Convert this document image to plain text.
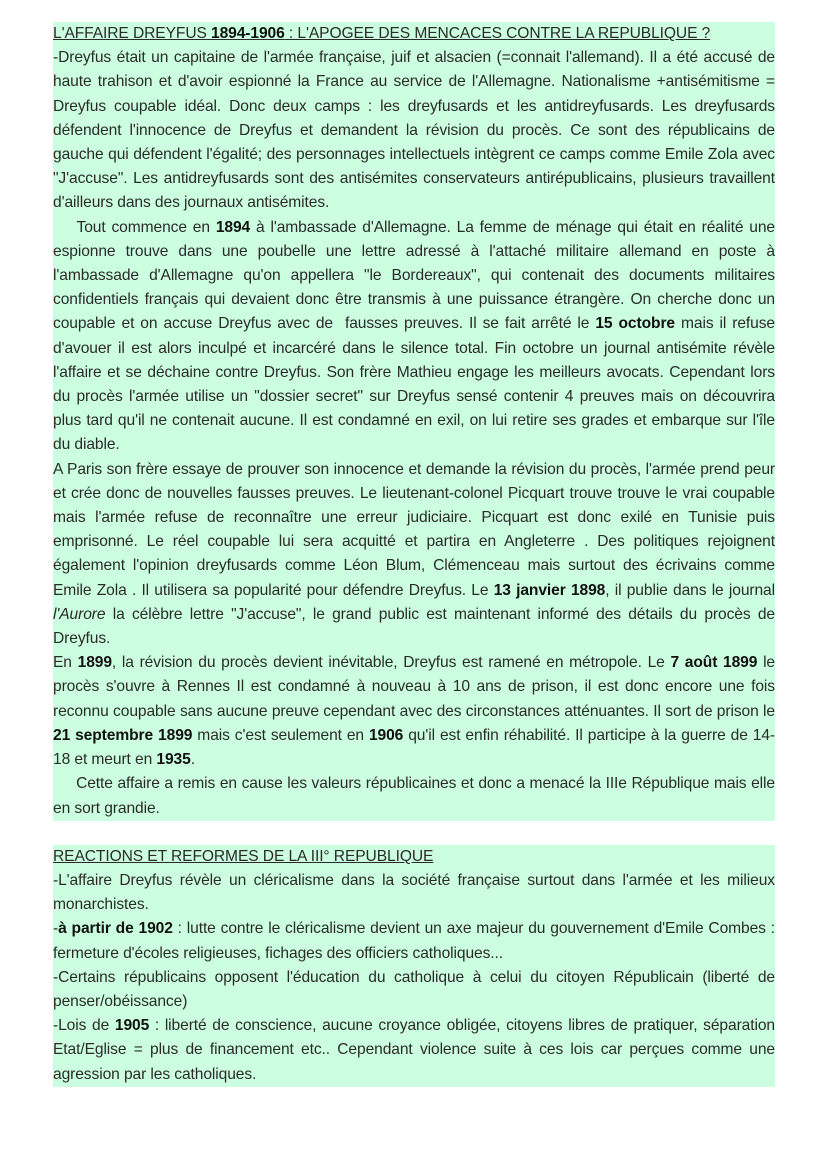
L'AFFAIRE DREYFUS 1894-1906 : L'APOGEE DES MENCACES CONTRE LA REPUBLIQUE ?
-Dreyfus était un capitaine de l'armée française, juif et alsacien (=connait l'allemand). Il a été accusé de haute trahison et d'avoir espionné la France au service de l'Allemagne. Nationalisme +antisémitisme = Dreyfus coupable idéal. Donc deux camps : les dreyfusards et les antidreyfusards. Les dreyfusards défendent l'innocence de Dreyfus et demandent la révision du procès. Ce sont des républicains de gauche qui défendent l'égalité; des personnages intellectuels intègrent ce camps comme Emile Zola avec "J'accuse". Les antidreyfusards sont des antisémites conservateurs antirépublicains, plusieurs travaillent d'ailleurs dans des journaux antisémites.
Tout commence en 1894 à l'ambassade d'Allemagne. La femme de ménage qui était en réalité une espionne trouve dans une poubelle une lettre adressé à l'attaché militaire allemand en poste à l'ambassade d'Allemagne qu'on appellera "le Bordereaux", qui contenait des documents militaires confidentiels français qui devaient donc être transmis à une puissance étrangère. On cherche donc un coupable et on accuse Dreyfus avec de  fausses preuves. Il se fait arrêté le 15 octobre mais il refuse d'avouer il est alors inculpé et incarcéré dans le silence total. Fin octobre un journal antisémite révèle l'affaire et se déchaine contre Dreyfus. Son frère Mathieu engage les meilleurs avocats. Cependant lors du procès l'armée utilise un "dossier secret" sur Dreyfus sensé contenir 4 preuves mais on découvrira plus tard qu'il ne contenait aucune. Il est condamné en exil, on lui retire ses grades et embarque sur l'île du diable.
A Paris son frère essaye de prouver son innocence et demande la révision du procès, l'armée prend peur et crée donc de nouvelles fausses preuves. Le lieutenant-colonel Picquart trouve trouve le vrai coupable mais l'armée refuse de reconnaître une erreur judiciaire. Picquart est donc exilé en Tunisie puis emprisonné. Le réel coupable lui sera acquitté et partira en Angleterre . Des politiques rejoignent également l'opinion dreyfusards comme Léon Blum, Clémenceau mais surtout des écrivains comme Emile Zola . Il utilisera sa popularité pour défendre Dreyfus. Le 13 janvier 1898, il publie dans le journal l'Aurore la célèbre lettre "J'accuse", le grand public est maintenant informé des détails du procès de Dreyfus.
En 1899, la révision du procès devient inévitable, Dreyfus est ramené en métropole. Le 7 août 1899 le procès s'ouvre à Rennes Il est condamné à nouveau à 10 ans de prison, il est donc encore une fois reconnu coupable sans aucune preuve cependant avec des circonstances atténuantes. Il sort de prison le 21 septembre 1899 mais c'est seulement en 1906 qu'il est enfin réhabilité. Il participe à la guerre de 14-18 et meurt en 1935.
Cette affaire a remis en cause les valeurs républicaines et donc a menacé la IIIe République mais elle en sort grandie.
REACTIONS ET REFORMES DE LA III° REPUBLIQUE
-L'affaire Dreyfus révèle un cléricalisme dans la société française surtout dans l'armée et les milieux monarchistes.
-à partir de 1902 : lutte contre le cléricalisme devient un axe majeur du gouvernement d'Emile Combes : fermeture d'écoles religieuses, fichages des officiers catholiques...
-Certains républicains opposent l'éducation du catholique à celui du citoyen Républicain (liberté de penser/obéissance)
-Lois de 1905 : liberté de conscience, aucune croyance obligée, citoyens libres de pratiquer, séparation Etat/Eglise = plus de financement etc.. Cependant violence suite à ces lois car perçues comme une agression par les catholiques.
